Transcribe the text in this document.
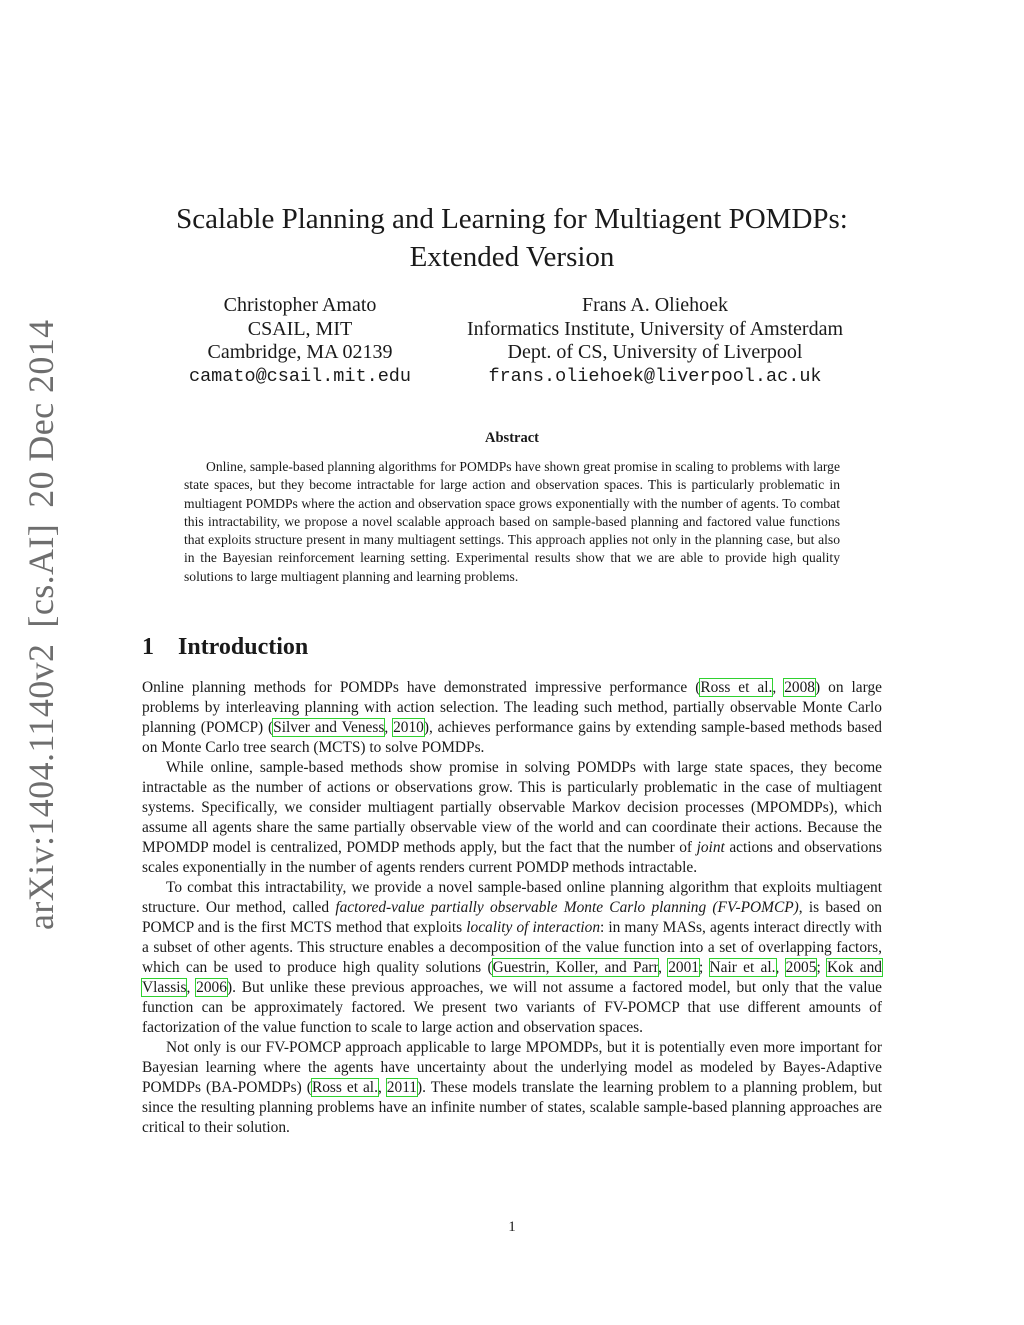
arXiv:1404.1140v2[cs.AI]20 Dec 2014
Scalable Planning and Learning for Multiagent POMDPs:
Extended Version
Christopher Amato
CSAIL, MIT
Cambridge, MA 02139
camato@csail.mit.edu
Frans A. Oliehoek
Informatics Institute, University of Amsterdam
Dept. of CS, University of Liverpool
frans.oliehoek@liverpool.ac.uk
Abstract

Online, sample-based planning algorithms for POMDPs have shown great promise in scaling to problems with large state spaces, but they become intractable for large action and observation spaces. This is particularly problematic in multiagent POMDPs where the action and observation space grows exponentially with the number of agents. To combat this intractability, we propose a novel scalable approach based on sample-based planning and factored value functions that exploits structure present in many multiagent settings. This approach applies not only in the planning case, but also in the Bayesian reinforcement learning setting. Experimental results show that we are able to provide high quality solutions to large multiagent planning and learning problems.

1 Introduction

Online planning methods for POMDPs have demonstrated impressive performance (Ross et al., 2008) on large problems by interleaving planning with action selection. The leading such method, partially observable Monte Carlo planning (POMCP) (Silver and Veness, 2010), achieves performance gains by extending sample-based methods based on Monte Carlo tree search (MCTS) to solve POMDPs.

While online, sample-based methods show promise in solving POMDPs with large state spaces, they become intractable as the number of actions or observations grow. This is particularly problematic in the case of multiagent systems. Specifically, we consider multiagent partially observable Markov decision processes (MPOMDPs), which assume all agents share the same partially observable view of the world and can coordinate their actions. Because the MPOMDP model is centralized, POMDP methods apply, but the fact that the number of joint actions and observations scales exponentially in the number of agents renders current POMDP methods intractable.

To combat this intractability, we provide a novel sample-based online planning algorithm that exploits multiagent structure. Our method, called factored-value partially observable Monte Carlo planning (FV-POMCP), is based on POMCP and is the first MCTS method that exploits locality of interaction: in many MASs, agents interact directly with a subset of other agents. This structure enables a decomposition of the value function into a set of overlapping factors, which can be used to produce high quality solutions (Guestrin, Koller, and Parr, 2001; Nair et al., 2005; Kok and Vlassis, 2006). But unlike these previous approaches, we will not assume a factored model, but only that the value function can be approximately factored. We present two variants of FV-POMCP that use different amounts of factorization of the value function to scale to large action and observation spaces.

Not only is our FV-POMCP approach applicable to large MPOMDPs, but it is potentially even more important for Bayesian learning where the agents have uncertainty about the underlying model as modeled by Bayes-Adaptive POMDPs (BA-POMDPs) (Ross et al., 2011). These models translate the learning problem to a planning problem, but since the resulting planning problems have an infinite number of states, scalable sample-based planning approaches are critical to their solution.

1
